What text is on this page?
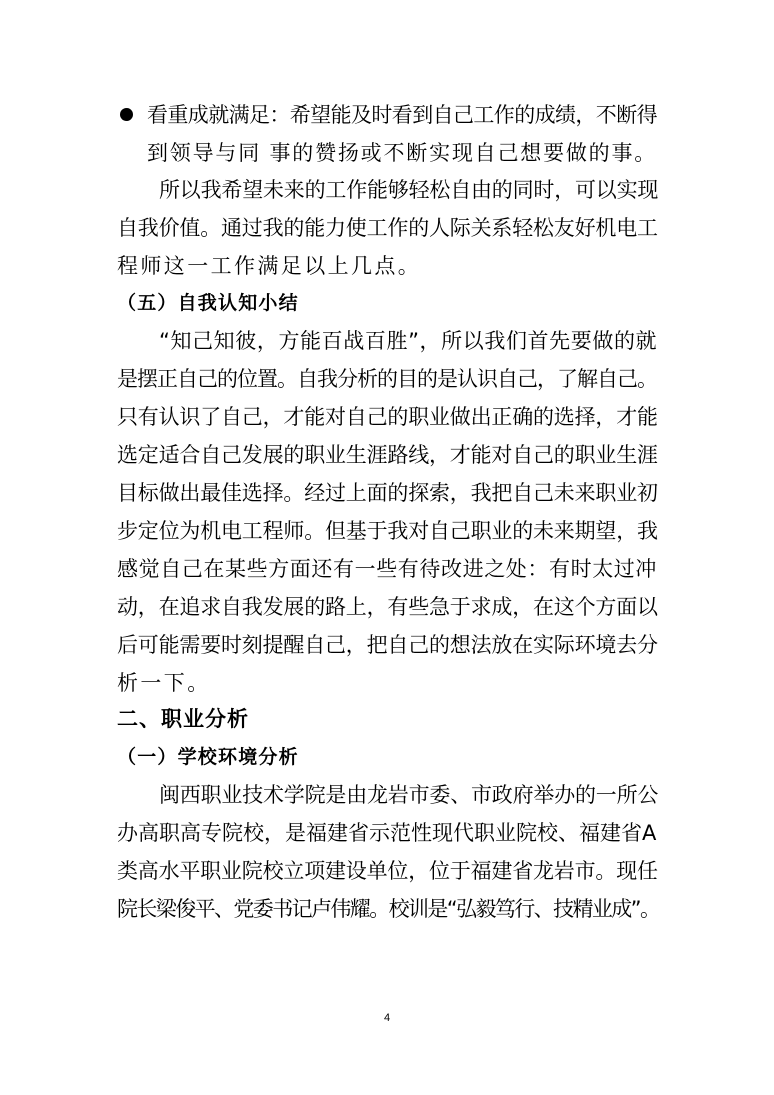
看重成就满足：希望能及时看到自己工作的成绩，不断得
到领导与同 事的赞扬或不断实现自己想要做的事。
所以我希望未来的工作能够轻松自由的同时，可以实现
自我价值。通过我的能力使工作的人际关系轻松友好机电工
程师这一工作满足以上几点。
（五）自我认知小结
“知己知彼，方能百战百胜”，所以我们首先要做的就
是摆正自己的位置。自我分析的目的是认识自己，了解自己。
只有认识了自己，才能对自己的职业做出正确的选择，才能
选定适合自己发展的职业生涯路线，才能对自己的职业生涯
目标做出最佳选择。经过上面的探索，我把自己未来职业初
步定位为机电工程师。但基于我对自己职业的未来期望，我
感觉自己在某些方面还有一些有待改进之处：有时太过冲
动，在追求自我发展的路上，有些急于求成，在这个方面以
后可能需要时刻提醒自己，把自己的想法放在实际环境去分
析一下。
二、职业分析
（一）学校环境分析
闽西职业技术学院是由龙岩市委、市政府举办的一所公
办高职高专院校，是福建省示范性现代职业院校、福建省A
类高水平职业院校立项建设单位，位于福建省龙岩市。现任
院长梁俊平、党委书记卢伟耀。校训是“弘毅笃行、技精业成”。
4
